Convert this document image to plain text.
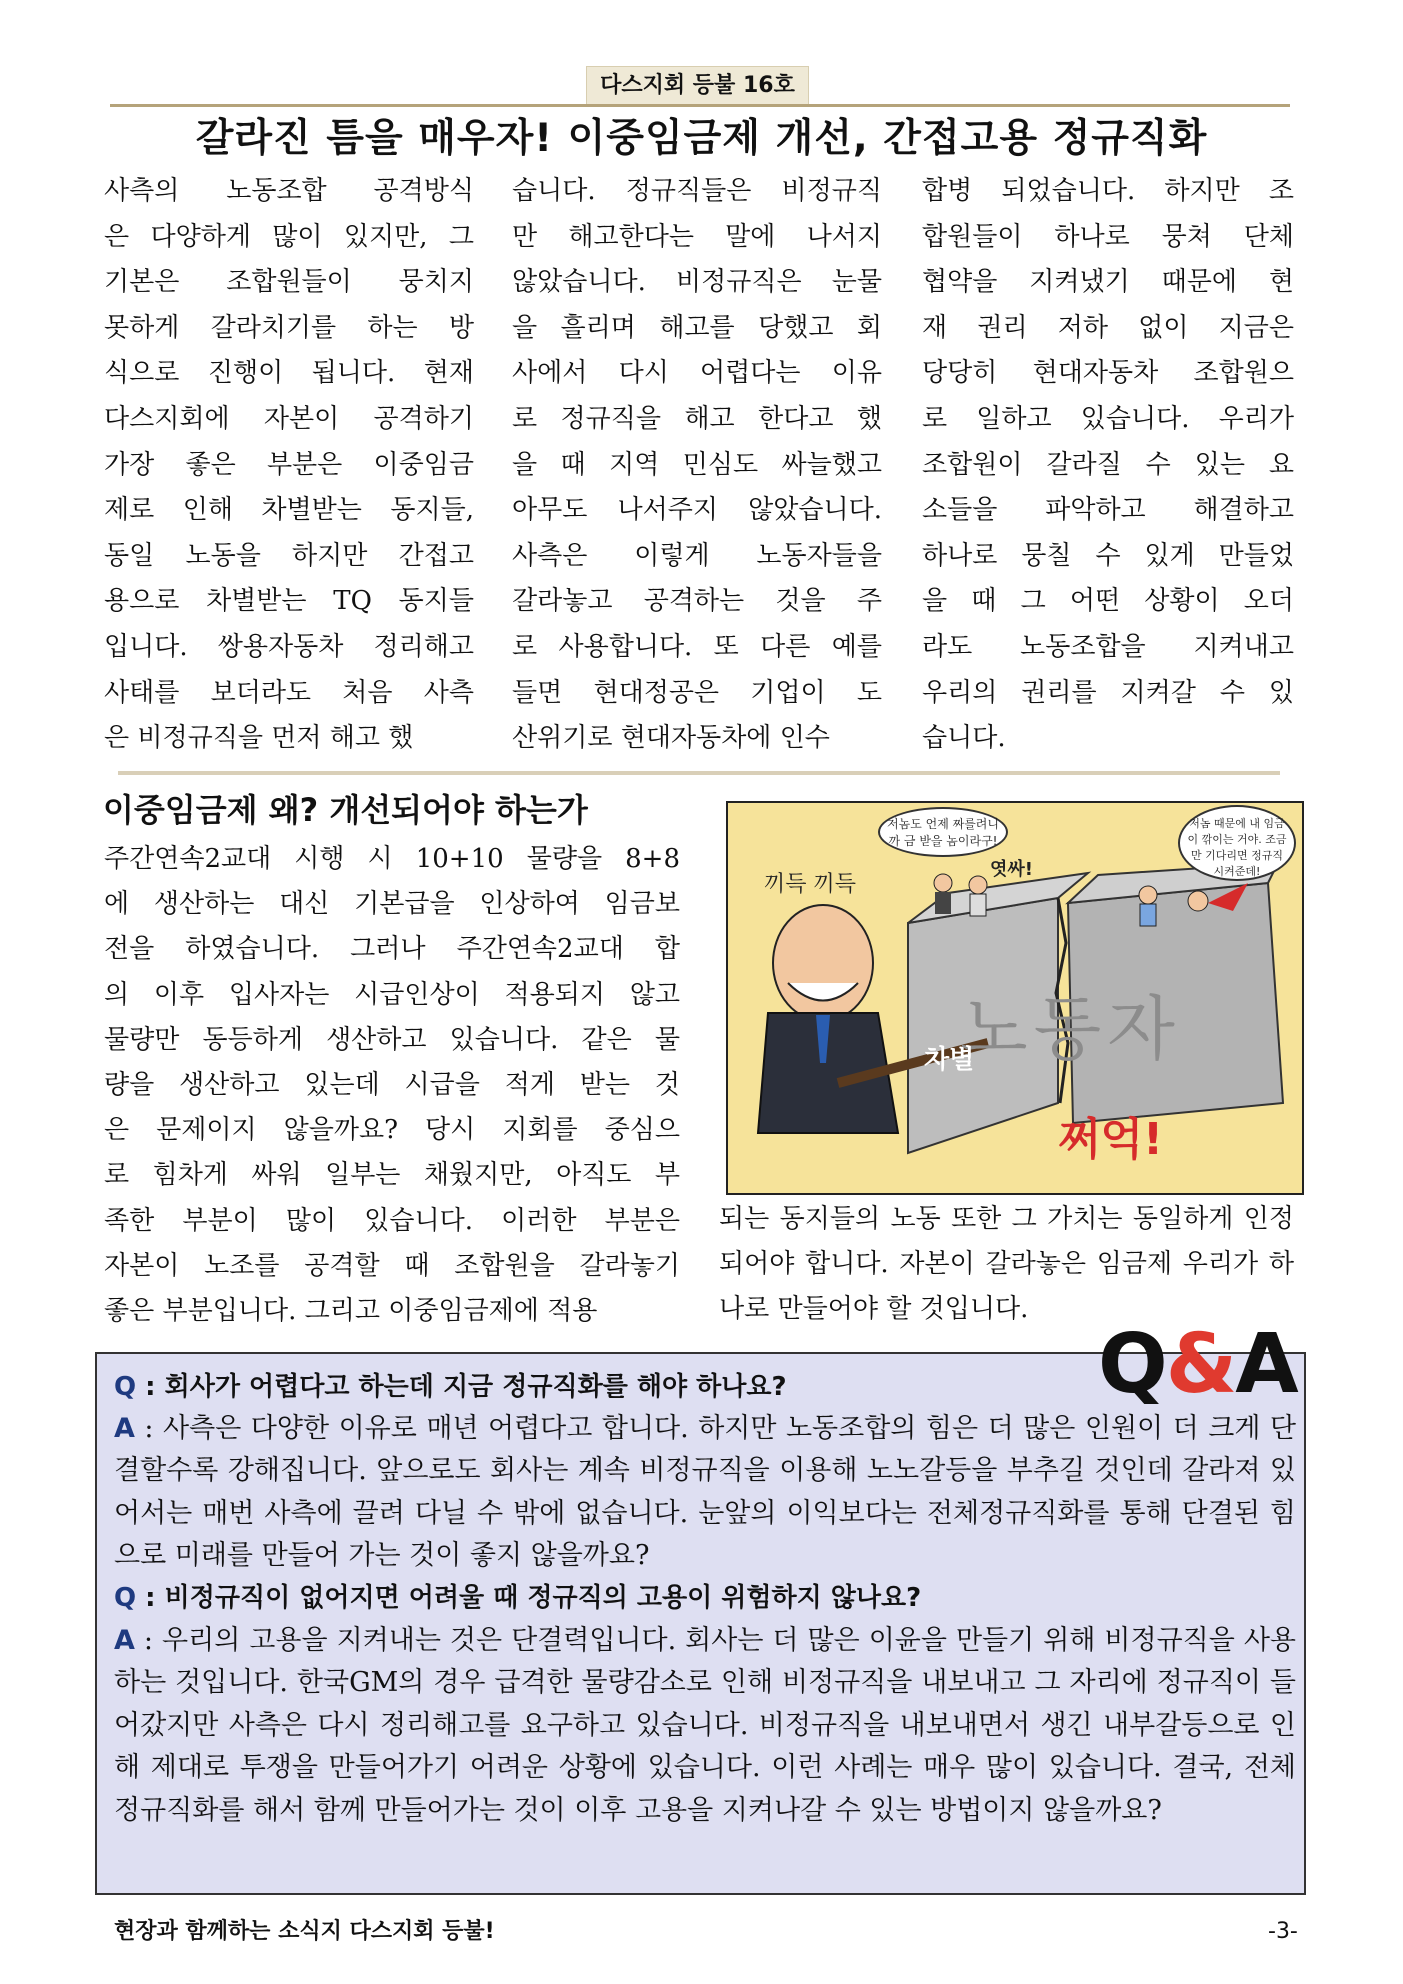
다스지회 등불 16호
갈라진 틈을 매우자! 이중임금제 개선, 간접고용 정규직화
사측의 노동조합 공격방식
은 다양하게 많이 있지만, 그
기본은 조합원들이 뭉치지
못하게 갈라치기를 하는 방
식으로 진행이 됩니다. 현재
다스지회에 자본이 공격하기
가장 좋은 부분은 이중임금
제로 인해 차별받는 동지들,
동일 노동을 하지만 간접고
용으로 차별받는 TQ 동지들
입니다. 쌍용자동차 정리해고
사태를 보더라도 처음 사측
은 비정규직을 먼저 해고 했
습니다. 정규직들은 비정규직
만 해고한다는 말에 나서지
않았습니다. 비정규직은 눈물
을 흘리며 해고를 당했고 회
사에서 다시 어렵다는 이유
로 정규직을 해고 한다고 했
을 때 지역 민심도 싸늘했고
아무도 나서주지 않았습니다.
사측은 이렇게 노동자들을
갈라놓고 공격하는 것을 주
로 사용합니다. 또 다른 예를
들면 현대정공은 기업이 도
산위기로 현대자동차에 인수
합병 되었습니다. 하지만 조
합원들이 하나로 뭉쳐 단체
협약을 지켜냈기 때문에 현
재 권리 저하 없이 지금은
당당히 현대자동차 조합원으
로 일하고 있습니다. 우리가
조합원이 갈라질 수 있는 요
소들을 파악하고 해결하고
하나로 뭉칠 수 있게 만들었
을 때 그 어떤 상황이 오더
라도 노동조합을 지켜내고
우리의 권리를 지켜갈 수 있
습니다.
이중임금제 왜? 개선되어야 하는가
주간연속2교대 시행 시 10+10 물량을 8+8
에 생산하는 대신 기본급을 인상하여 임금보
전을 하였습니다. 그러나 주간연속2교대 합
의 이후 입사자는 시급인상이 적용되지 않고
물량만 동등하게 생산하고 있습니다. 같은 물
량을 생산하고 있는데 시급을 적게 받는 것
은 문제이지 않을까요? 당시 지회를 중심으
로 힘차게 싸워 일부는 채웠지만, 아직도 부
족한 부분이 많이 있습니다. 이러한 부분은
자본이 노조를 공격할 때 조합원을 갈라놓기
좋은 부분입니다. 그리고 이중임금제에 적용
되는 동지들의 노동 또한 그 가치는 동일하게 인정 되어야 합니다. 자본이 갈라놓은 임금제 우리가 하나로 만들어야 할 것입니다.
저놈도 언제 짜를려니까 금 받을 놈이라구!
저놈 때문에 내 임금이 깎이는 거야. 조금만 기다리면 정규직 시켜준데!
끼득 끼득
엿싸!
노동자
차별
쩌억!
Q&A
Q : 회사가 어렵다고 하는데 지금 정규직화를 해야 하나요?
A : 사측은 다양한 이유로 매년 어렵다고 합니다. 하지만 노동조합의 힘은 더 많은 인원이 더 크게 단결할수록 강해집니다. 앞으로도 회사는 계속 비정규직을 이용해 노노갈등을 부추길 것인데 갈라져 있어서는 매번 사측에 끌려 다닐 수 밖에 없습니다. 눈앞의 이익보다는 전체정규직화를 통해 단결된 힘으로 미래를 만들어 가는 것이 좋지 않을까요?
Q : 비정규직이 없어지면 어려울 때 정규직의 고용이 위험하지 않나요?
A : 우리의 고용을 지켜내는 것은 단결력입니다. 회사는 더 많은 이윤을 만들기 위해 비정규직을 사용하는 것입니다. 한국GM의 경우 급격한 물량감소로 인해 비정규직을 내보내고 그 자리에 정규직이 들어갔지만 사측은 다시 정리해고를 요구하고 있습니다. 비정규직을 내보내면서 생긴 내부갈등으로 인해 제대로 투쟁을 만들어가기 어려운 상황에 있습니다. 이런 사례는 매우 많이 있습니다. 결국, 전체 정규직화를 해서 함께 만들어가는 것이 이후 고용을 지켜나갈 수 있는 방법이지 않을까요?
현장과 함께하는 소식지 다스지회 등불!	-3-
